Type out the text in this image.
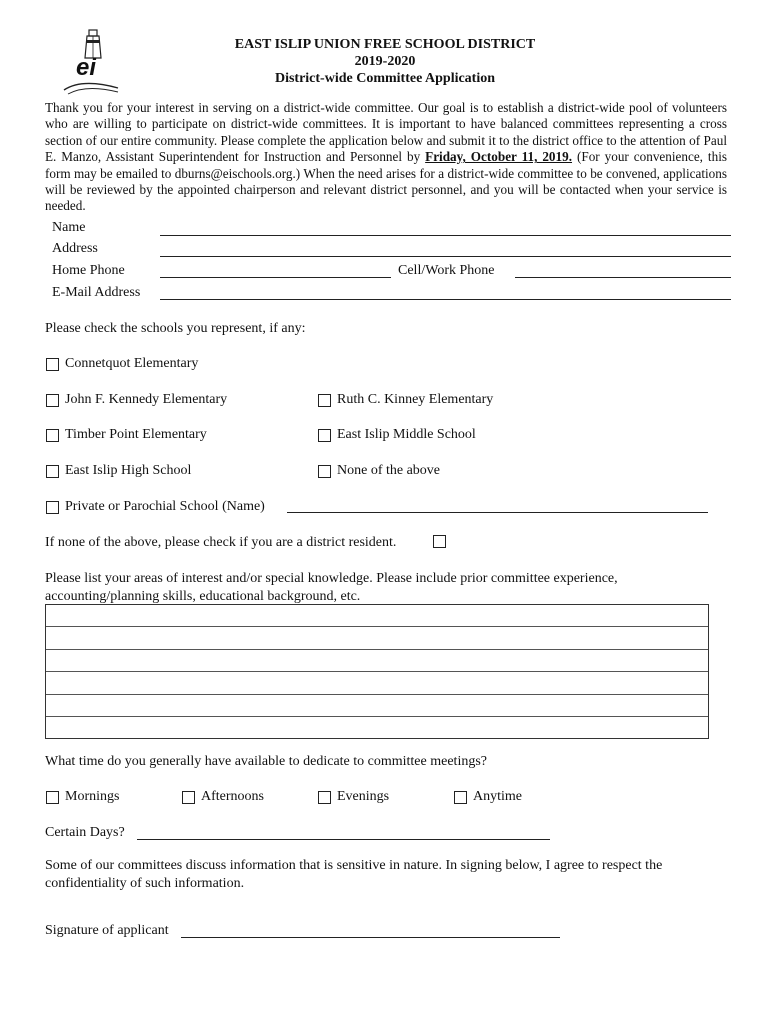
ei
EAST ISLIP UNION FREE SCHOOL DISTRICT
2019-2020
District-wide Committee Application
Thank you for your interest in serving on a district-wide committee. Our goal is to establish a district-wide pool of volunteers who are willing to participate on district-wide committees. It is important to have balanced committees representing a cross section of our entire community. Please complete the application below and submit it to the district office to the attention of Paul E. Manzo, Assistant Superintendent for Instruction and Personnel by Friday, October 11, 2019. (For your convenience, this form may be emailed to dburns@eischools.org.) When the need arises for a district-wide committee to be convened, applications will be reviewed by the appointed chairperson and relevant district personnel, and you will be contacted when your service is needed.
Name
Address
Home Phone	Cell/Work Phone
E-Mail Address
Please check the schools you represent, if any:
Connetquot Elementary
John F. Kennedy Elementary	Ruth C. Kinney Elementary
Timber Point Elementary	East Islip Middle School
East Islip High School	None of the above
Private or Parochial School (Name)
If none of the above, please check if you are a district resident.
Please list your areas of interest and/or special knowledge. Please include prior committee experience,
accounting/planning skills, educational background, etc.
What time do you generally have available to dedicate to committee meetings?
Mornings	Afternoons	Evenings	Anytime
Certain Days?
Some of our committees discuss information that is sensitive in nature. In signing below, I agree to respect the
confidentiality of such information.
Signature of applicant
